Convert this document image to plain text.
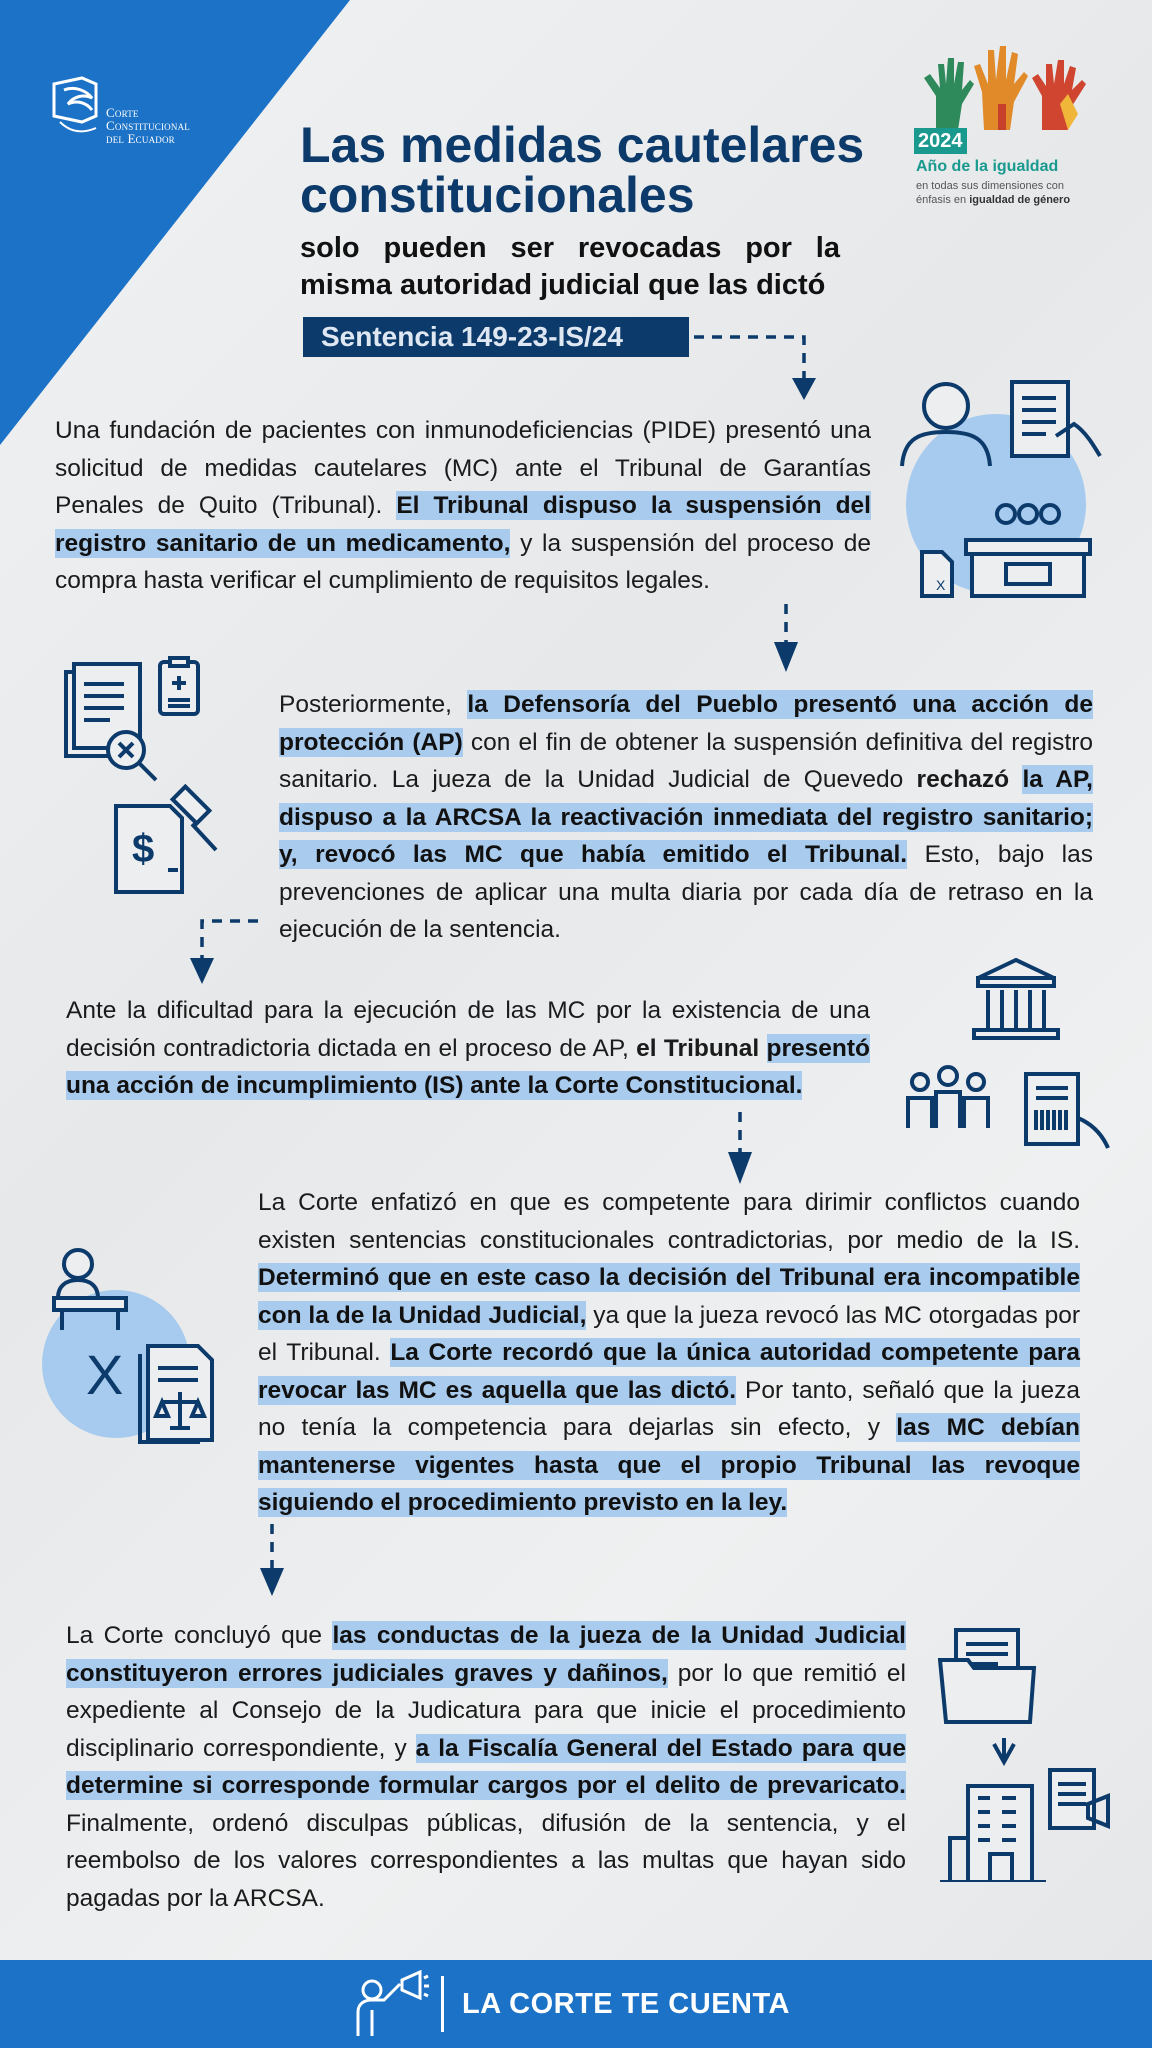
Corte
Constitucional
del Ecuador	2024
Año de la igualdad
en todas sus dimensiones con
énfasis en igualdad de género
Las medidas cautelares
constitucionales
solo pueden ser revocadas por la misma autoridad judicial que las dictó
Sentencia 149-23-IS/24
Una fundación de pacientes con inmunodeficiencias (PIDE) presentó una solicitud de medidas cautelares (MC) ante el Tribunal de Garantías Penales de Quito (Tribunal). El Tribunal dispuso la suspensión del registro sanitario de un medicamento, y la suspensión del proceso de compra hasta verificar el cumplimiento de requisitos legales.
Posteriormente, la Defensoría del Pueblo presentó una acción de protección (AP) con el fin de obtener la suspensión definitiva del registro sanitario. La jueza de la Unidad Judicial de Quevedo rechazó la AP, dispuso a la ARCSA la reactivación inmediata del registro sanitario; y, revocó las MC que había emitido el Tribunal. Esto, bajo las prevenciones de aplicar una multa diaria por cada día de retraso en la ejecución de la sentencia.
Ante la dificultad para la ejecución de las MC por la existencia de una decisión contradictoria dictada en el proceso de AP, el Tribunal presentó una acción de incumplimiento (IS) ante la Corte Constitucional.
La Corte enfatizó en que es competente para dirimir conflictos cuando existen sentencias constitucionales contradictorias, por medio de la IS. Determinó que en este caso la decisión del Tribunal era incompatible con la de la Unidad Judicial, ya que la jueza revocó las MC otorgadas por el Tribunal. La Corte recordó que la única autoridad competente para revocar las MC es aquella que las dictó. Por tanto, señaló que la jueza no tenía la competencia para dejarlas sin efecto, y las MC debían mantenerse vigentes hasta que el propio Tribunal las revoque siguiendo el procedimiento previsto en la ley.
La Corte concluyó que las conductas de la jueza de la Unidad Judicial constituyeron errores judiciales graves y dañinos, por lo que remitió el expediente al Consejo de la Judicatura para que inicie el procedimiento disciplinario correspondiente, y a la Fiscalía General del Estado para que determine si corresponde formular cargos por el delito de prevaricato. Finalmente, ordenó disculpas públicas, difusión de la sentencia, y el reembolso de los valores correspondientes a las multas que hayan sido pagadas por la ARCSA.
X
$
X
LA CORTE TE CUENTA
